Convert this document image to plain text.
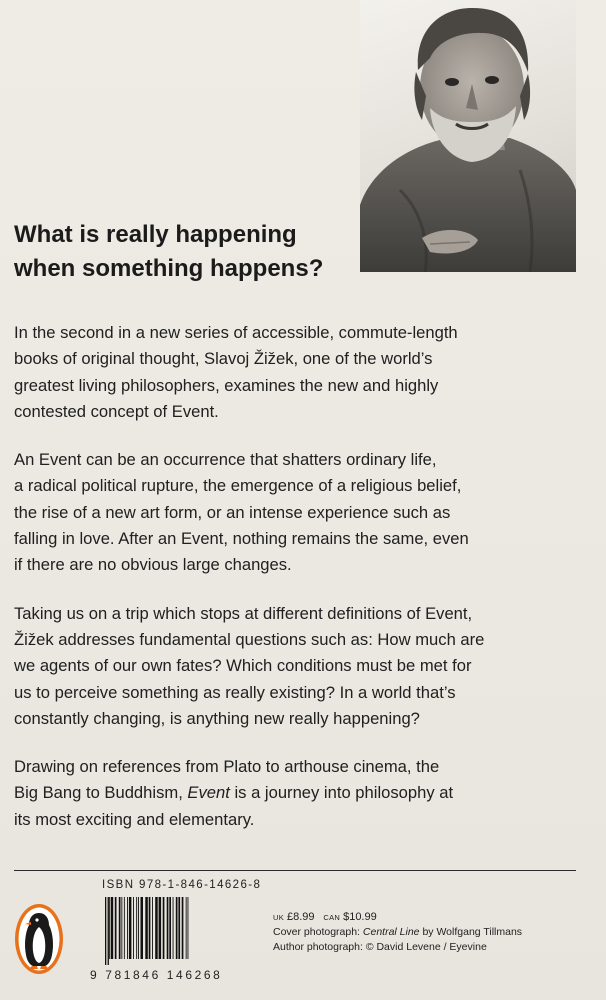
What is really happening
when something happens?

In the second in a new series of accessible, commute-length
books of original thought, Slavoj Žižek, one of the world’s
greatest living philosophers, examines the new and highly
contested concept of Event.

An Event can be an occurrence that shatters ordinary life,
a radical political rupture, the emergence of a religious belief,
the rise of a new art form, or an intense experience such as
falling in love. After an Event, nothing remains the same, even
if there are no obvious large changes.

Taking us on a trip which stops at different definitions of Event,
Žižek addresses fundamental questions such as: How much are
we agents of our own fates? Which conditions must be met for
us to perceive something as really existing? In a world that’s
constantly changing, is anything new really happening?

Drawing on references from Plato to arthouse cinema, the
Big Bang to Buddhism, Event is a journey into philosophy at
its most exciting and elementary.

ISBN 978-1-846-14626-8
9 781846 146268
UK £8.99 CAN $10.99
Cover photograph: Central Line by Wolfgang Tillmans
Author photograph: © David Levene / Eyevine
